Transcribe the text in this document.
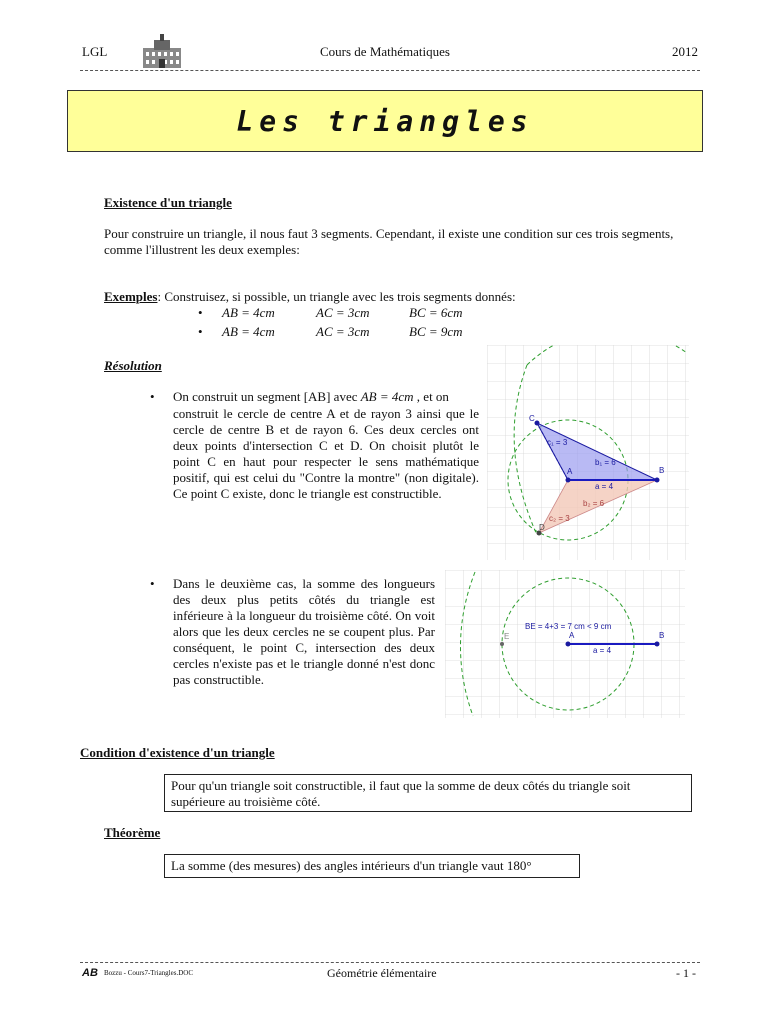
LGL	Cours de Mathématiques	2012
Les triangles
Existence d'un triangle
Pour construire un triangle, il nous faut 3 segments. Cependant, il existe une condition sur ces trois segments, comme l'illustrent les deux exemples:
Exemples: Construisez, si possible, un triangle avec les trois segments donnés:
• AB = 4cm	AC = 3cm	BC = 6cm
• AB = 4cm	AC = 3cm	BC = 9cm
Résolution
• On construit un segment [AB] avec AB = 4cm , et on
construit le cercle de centre A et de rayon 3 ainsi que le cercle de centre B et de rayon 6. Ces deux cercles ont deux points d'intersection C et D. On choisit plutôt le point C en haut pour respecter le sens mathématique positif, qui est celui du "Contre la montre" (non digitale). Ce point C existe, donc le triangle est constructible.
C
A	B
D
b₁ = 6
c₁ = 3
a = 4
b₂ = 6
c₂ = 3
• Dans le deuxième cas, la somme des longueurs des deux plus petits côtés du triangle est inférieure à la longueur du troisième côté. On voit alors que les deux cercles ne se coupent plus. Par conséquent, le point C, intersection des deux cercles n'existe pas et le triangle donné n'est donc pas constructible.
BE = 4+3 = 7 cm < 9 cm
E	A	B
a = 4
Condition d'existence d'un triangle
Pour qu'un triangle soit constructible, il faut que la somme de deux côtés du triangle soit supérieure au troisième côté.
Théorème
La somme (des mesures) des angles intérieurs d'un triangle vaut 180°
AB Bozzu - Cours7-Triangles.DOC	Géométrie élémentaire	- 1 -
